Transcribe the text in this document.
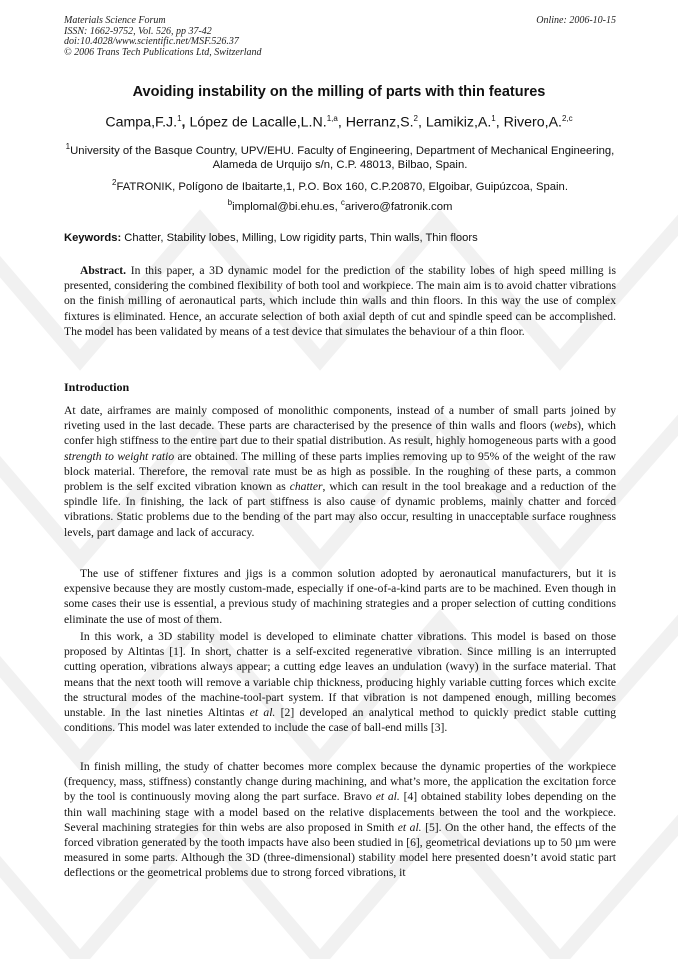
Materials Science Forum
ISSN: 1662-9752, Vol. 526, pp 37-42
doi:10.4028/www.scientific.net/MSF.526.37
© 2006 Trans Tech Publications Ltd, Switzerland
Online: 2006-10-15
Avoiding instability on the milling of parts with thin features
Campa,F.J.$^1$, López de Lacalle,L.N.$^{1,a}$, Herranz,S.$^2$, Lamikiz,A.$^1$, Rivero,A.$^{2,c}$
$^1$University of the Basque Country, UPV/EHU. Faculty of Engineering, Department of Mechanical Engineering, Alameda de Urquijo s/n, C.P. 48013, Bilbao, Spain.
$^2$FATRONIK, Polígono de Ibaitarte,1, P.O. Box 160, C.P.20870, Elgoibar, Guipúzcoa, Spain.
$^b$implomal@bi.ehu.es, $^c$arivero@fatronik.com
Keywords: Chatter, Stability lobes, Milling, Low rigidity parts, Thin walls, Thin floors
Abstract. In this paper, a 3D dynamic model for the prediction of the stability lobes of high speed milling is presented, considering the combined flexibility of both tool and workpiece. The main aim is to avoid chatter vibrations on the finish milling of aeronautical parts, which include thin walls and thin floors. In this way the use of complex fixtures is eliminated. Hence, an accurate selection of both axial depth of cut and spindle speed can be accomplished. The model has been validated by means of a test device that simulates the behaviour of a thin floor.
Introduction
At date, airframes are mainly composed of monolithic components, instead of a number of small parts joined by riveting used in the last decade. These parts are characterised by the presence of thin walls and floors (webs), which confer high stiffness to the entire part due to their spatial distribution. As result, highly homogeneous parts with a good strength to weight ratio are obtained. The milling of these parts implies removing up to 95% of the weight of the raw block material. Therefore, the removal rate must be as high as possible. In the roughing of these parts, a common problem is the self excited vibration known as chatter, which can result in the tool breakage and a reduction of the spindle life. In finishing, the lack of part stiffness is also cause of dynamic problems, mainly chatter and forced vibrations. Static problems due to the bending of the part may also occur, resulting in unacceptable surface roughness levels, part damage and lack of accuracy.
The use of stiffener fixtures and jigs is a common solution adopted by aeronautical manufacturers, but it is expensive because they are mostly custom-made, especially if one-of-a-kind parts are to be machined. Even though in some cases their use is essential, a previous study of machining strategies and a proper selection of cutting conditions eliminate the use of most of them.
In this work, a 3D stability model is developed to eliminate chatter vibrations. This model is based on those proposed by Altintas [1]. In short, chatter is a self-excited regenerative vibration. Since milling is an interrupted cutting operation, vibrations always appear; a cutting edge leaves an undulation (wavy) in the surface material. That means that the next tooth will remove a variable chip thickness, producing highly variable cutting forces which excite the structural modes of the machine-tool-part system. If that vibration is not dampened enough, milling becomes unstable. In the last nineties Altintas et al. [2] developed an analytical method to quickly predict stable cutting conditions. This model was later extended to include the case of ball-end mills [3].
In finish milling, the study of chatter becomes more complex because the dynamic properties of the workpiece (frequency, mass, stiffness) constantly change during machining, and what’s more, the application the excitation force by the tool is continuously moving along the part surface. Bravo et al. [4] obtained stability lobes depending on the thin wall machining stage with a model based on the relative displacements between the tool and the workpiece. Several machining strategies for thin webs are also proposed in Smith et al. [5]. On the other hand, the effects of the forced vibration generated by the tooth impacts have also been studied in [6], geometrical deviations up to 50 µm were measured in some parts. Although the 3D (three-dimensional) stability model here presented doesn’t avoid static part deflections or the geometrical problems due to strong forced vibrations, it
